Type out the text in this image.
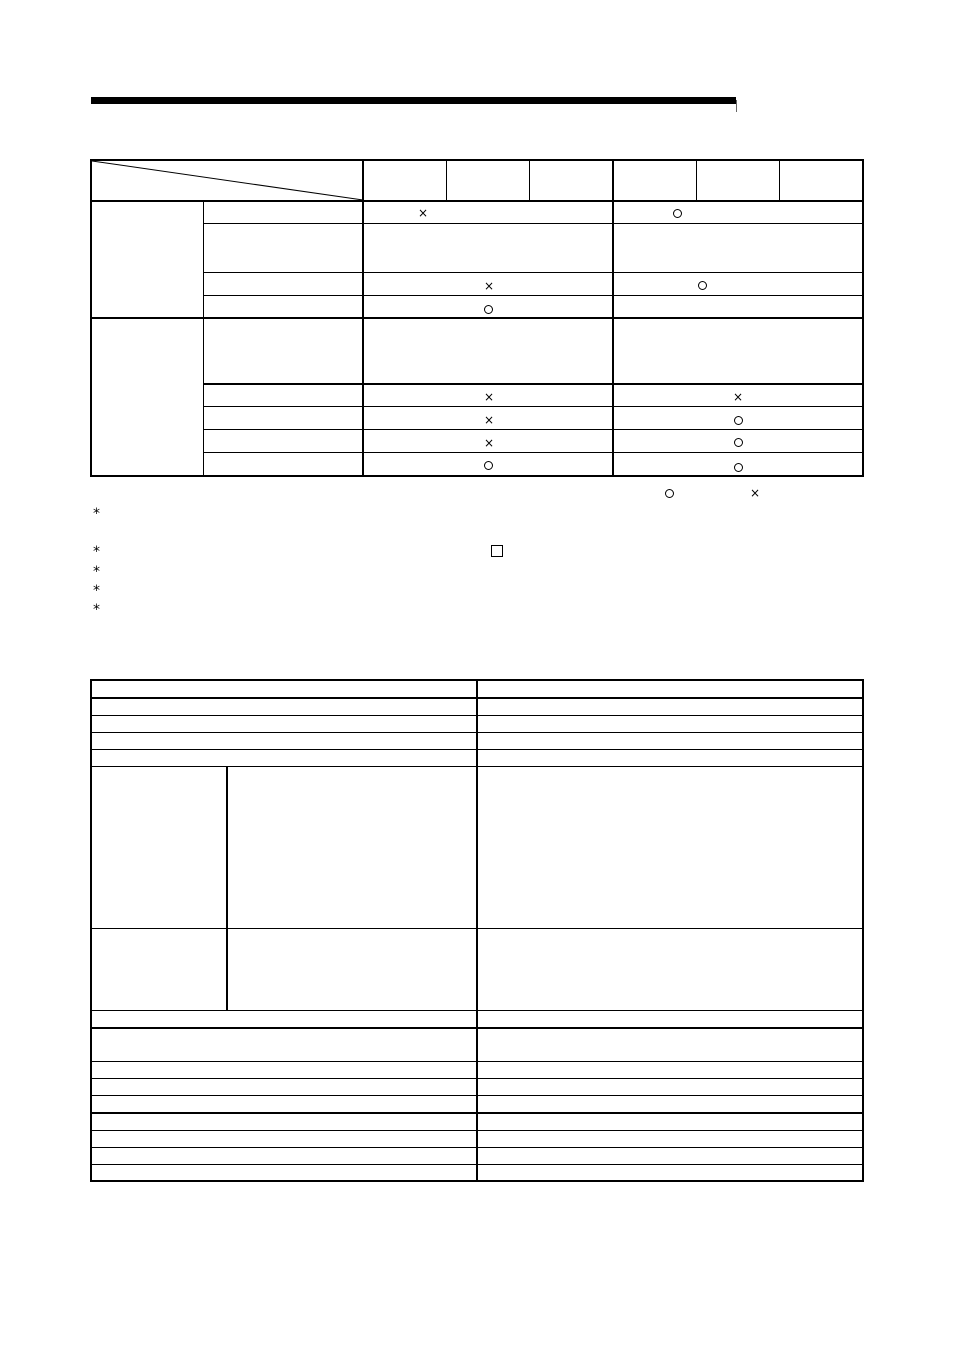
×
×
×	×
×
×
×
*
*
*
*
*
